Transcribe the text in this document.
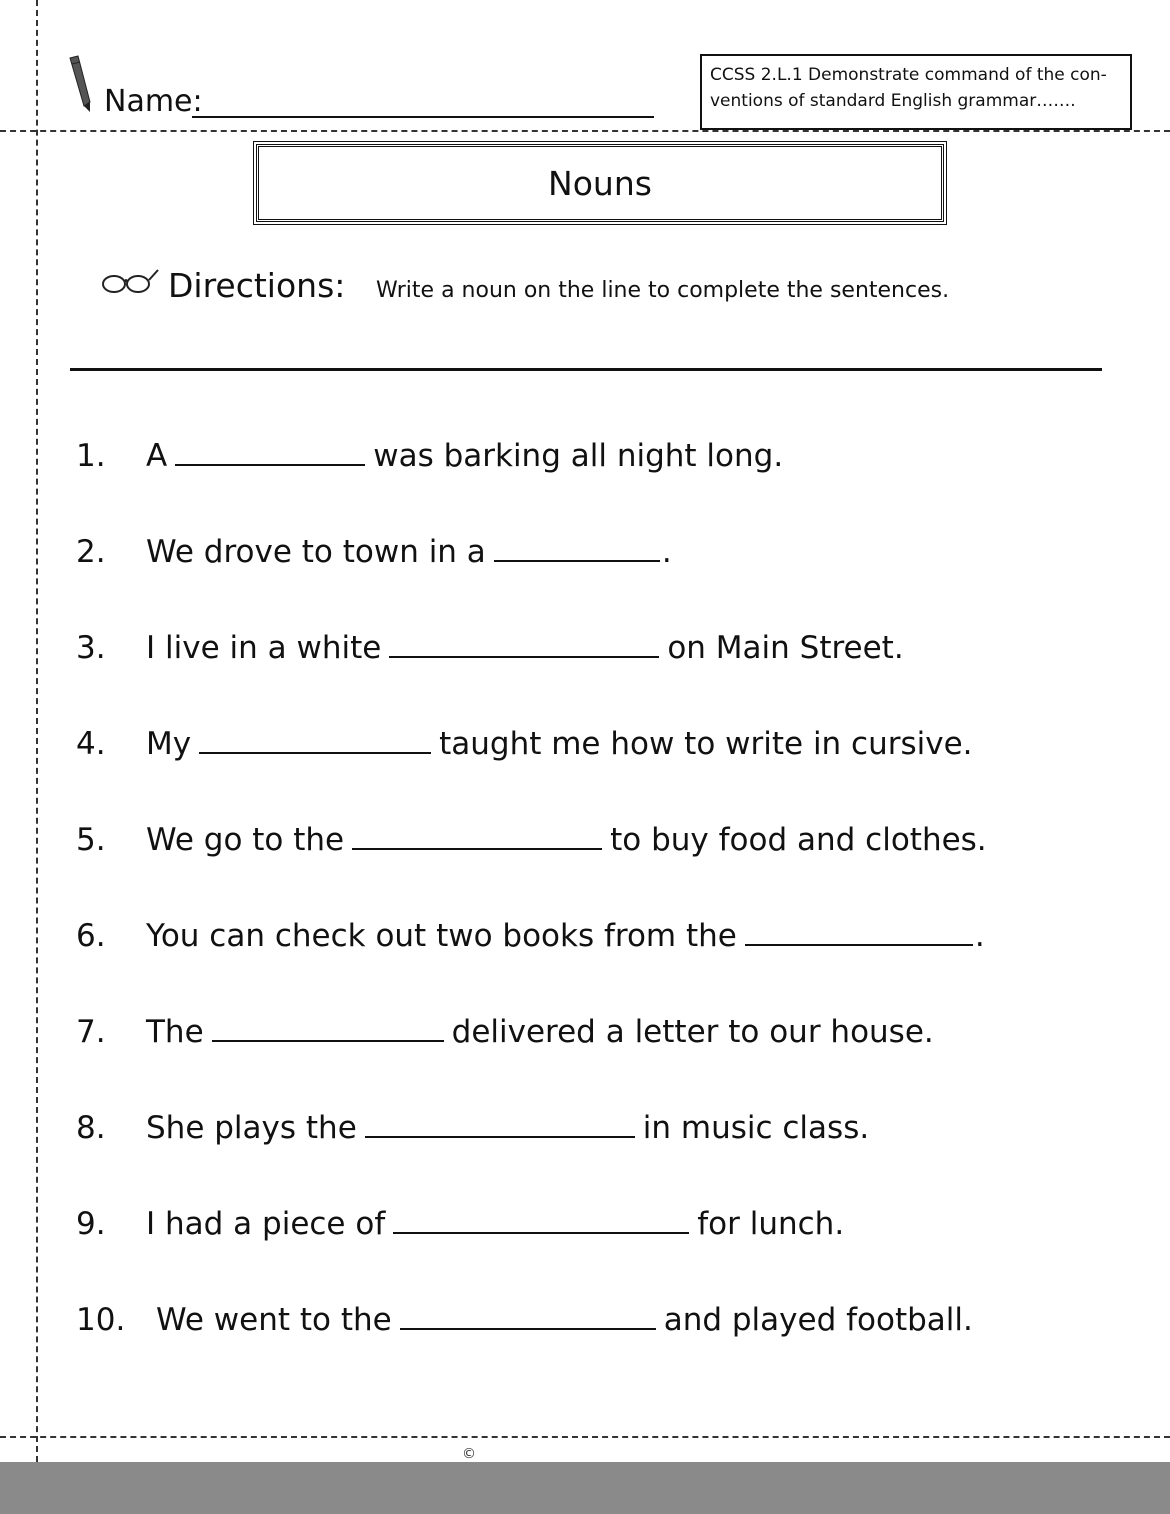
Name:
CCSS 2.L.1 Demonstrate command of the con-
ventions of standard English grammar…….
Nouns
Directions: Write a noun on the line to complete the sentences.
1. A	was barking all night long.
2. We drove to town in a	.
3. I live in a white	on Main Street.
4. My	taught me how to write in cursive.
5. We go to the	to buy food and clothes.
6. You can check out two books from the	.
7. The	delivered a letter to our house.
8. She plays the	in music class.
9. I had a piece of	for lunch.
10. We went to the	and played football.
©
